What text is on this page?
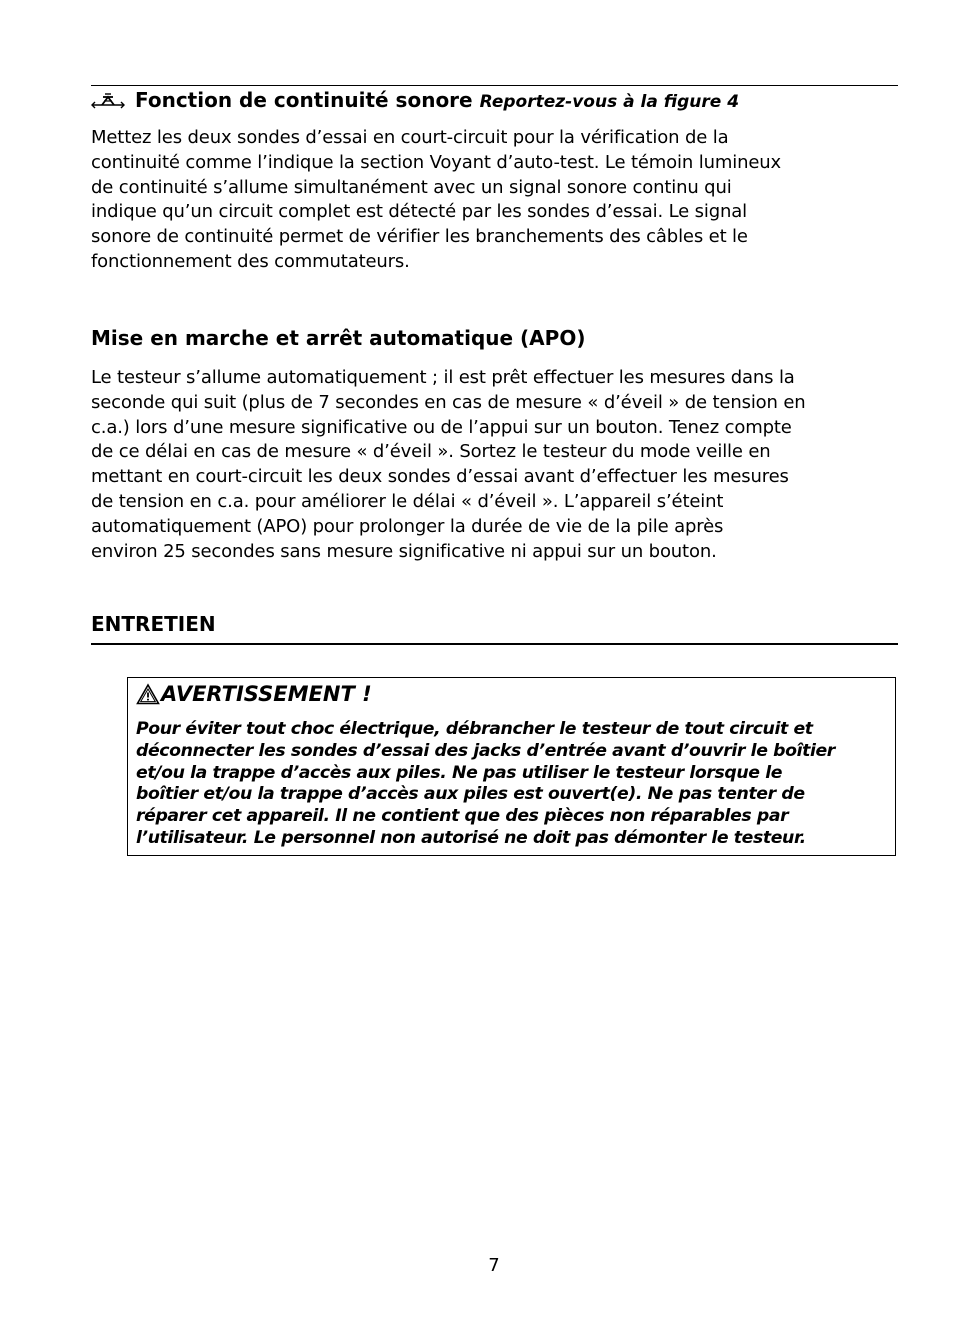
Fonction de continuité sonore Reportez-vous à la figure 4

Mettez les deux sondes d’essai en court-circuit pour la vérification de la
continuité comme l’indique la section Voyant d’auto-test. Le témoin lumineux
de continuité s’allume simultanément avec un signal sonore continu qui
indique qu’un circuit complet est détecté par les sondes d’essai. Le signal
sonore de continuité permet de vérifier les branchements des câbles et le
fonctionnement des commutateurs.

Mise en marche et arrêt automatique (APO)

Le testeur s’allume automatiquement ; il est prêt effectuer les mesures dans la
seconde qui suit (plus de 7 secondes en cas de mesure « d’éveil » de tension en
c.a.) lors d’une mesure significative ou de l’appui sur un bouton. Tenez compte
de ce délai en cas de mesure « d’éveil ». Sortez le testeur du mode veille en
mettant en court-circuit les deux sondes d’essai avant d’effectuer les mesures
de tension en c.a. pour améliorer le délai « d’éveil ». L’appareil s’éteint
automatiquement (APO) pour prolonger la durée de vie de la pile après
environ 25 secondes sans mesure significative ni appui sur un bouton.

ENTRETIEN
AVERTISSEMENT !

Pour éviter tout choc électrique, débrancher le testeur de tout circuit et
déconnecter les sondes d’essai des jacks d’entrée avant d’ouvrir le boîtier
et/ou la trappe d’accès aux piles. Ne pas utiliser le testeur lorsque le
boîtier et/ou la trappe d’accès aux piles est ouvert(e). Ne pas tenter de
réparer cet appareil. Il ne contient que des pièces non réparables par
l’utilisateur. Le personnel non autorisé ne doit pas démonter le testeur.

7
